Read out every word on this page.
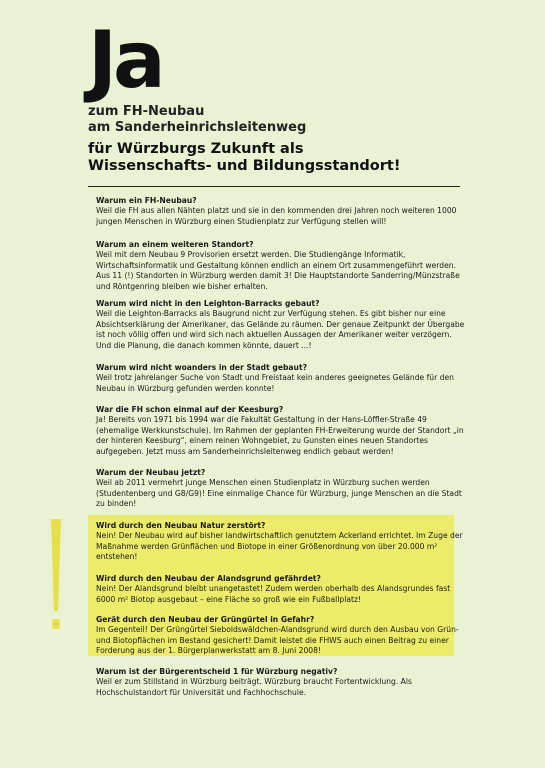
Ja
zum FH-Neubau
am Sanderheinrichsleitenweg
für Würzburgs Zukunft als
Wissenschafts- und Bildungsstandort!
Warum ein FH-Neubau?
Weil die FH aus allen Nähten platzt und sie in den kommenden drei Jahren noch weiteren 1000 jungen Menschen in Würzburg einen Studienplatz zur Verfügung stellen will!
Warum an einem weiteren Standort?
Weil mit dem Neubau 9 Provisorien ersetzt werden. Die Studiengänge Informatik, Wirtschaftsinformatik und Gestaltung können endlich an einem Ort zusammengeführt werden. Aus 11 (!) Standorten in Würzburg werden damit 3! Die Hauptstandorte Sanderring/Münzstraße und Röntgenring bleiben wie bisher erhalten.
Warum wird nicht in den Leighton-Barracks gebaut?
Weil die Leighton-Barracks als Baugrund nicht zur Verfügung stehen. Es gibt bisher nur eine Absichtserklärung der Amerikaner, das Gelände zu räumen. Der genaue Zeitpunkt der Übergabe ist noch völlig offen und wird sich nach aktuellen Aussagen der Amerikaner weiter verzögern. Und die Planung, die danach kommen könnte, dauert ...!
Warum wird nicht woanders in der Stadt gebaut?
Weil trotz jahrelanger Suche von Stadt und Freistaat kein anderes geeignetes Gelände für den Neubau in Würzburg gefunden werden konnte!
War die FH schon einmal auf der Keesburg?
Ja! Bereits von 1971 bis 1994 war die Fakultät Gestaltung in der Hans-Löffler-Straße 49 (ehemalige Werkkunstschule). Im Rahmen der geplanten FH-Erweiterung wurde der Standort „in der hinteren Keesburg“, einem reinen Wohngebiet, zu Gunsten eines neuen Standortes aufgegeben. Jetzt muss am Sanderheinrichsleitenweg endlich gebaut werden!
Warum der Neubau jetzt?
Weil ab 2011 vermehrt junge Menschen einen Studienplatz in Würzburg suchen werden (Studentenberg und G8/G9)! Eine einmalige Chance für Würzburg, junge Menschen an die Stadt zu binden!
Wird durch den Neubau Natur zerstört?
Nein! Der Neubau wird auf bisher landwirtschaftlich genutztem Ackerland errichtet. Im Zuge der Maßnahme werden Grünflächen und Biotope in einer Größenordnung von über 20.000 m² entstehen!
Wird durch den Neubau der Alandsgrund gefährdet?
Nein! Der Alandsgrund bleibt unangetastet! Zudem werden oberhalb des Alandsgrundes fast 6000 m² Biotop ausgebaut – eine Fläche so groß wie ein Fußballplatz!
Gerät durch den Neubau der Grüngürtel in Gefahr?
Im Gegenteil! Der Grüngürtel Sieboldswäldchen-Alandsgrund wird durch den Ausbau von Grün- und Biotopflächen im Bestand gesichert! Damit leistet die FHWS auch einen Beitrag zu einer Forderung aus der 1. Bürgerplanwerkstatt am 8. Juni 2008!
Warum ist der Bürgerentscheid 1 für Würzburg negativ?
Weil er zum Stillstand in Würzburg beiträgt. Würzburg braucht Fortentwicklung. Als Hochschulstandort für Universität und Fachhochschule.
